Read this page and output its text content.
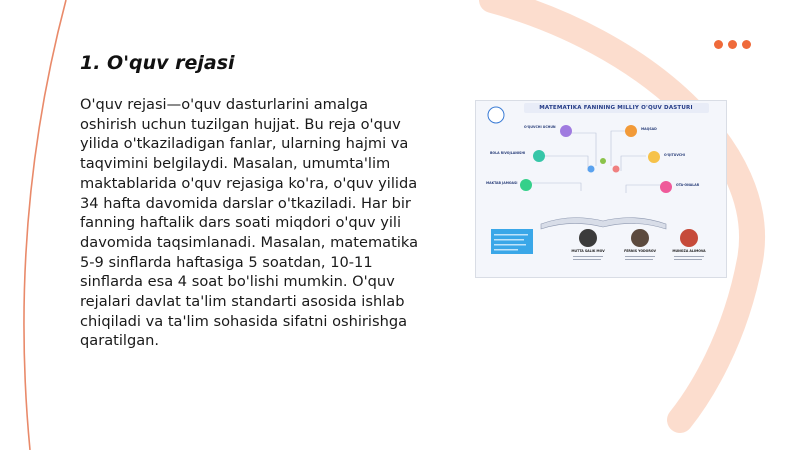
1. O'quv rejasi

O'quv rejasi—o'quv dasturlarini amalga oshirish uchun tuzilgan hujjat. Bu reja o'quv yilida o'tkaziladigan fanlar, ularning hajmi va taqvimini belgilaydi. Masalan, umumta'lim maktablarida o'quv rejasiga ko'ra, o'quv yilida 34 hafta davomida darslar o'tkaziladi. Har bir fanning haftalik dars soati miqdori o'quv yili davomida taqsimlanadi. Masalan, matematika 5-9 sinflarda haftasiga 5 soatdan, 10-11 sinflarda esa 4 soat bo'lishi mumkin. O'quv rejalari davlat ta'lim standarti asosida ishlab chiqiladi va ta'lim sohasida sifatni oshirishga qaratilgan.

MATEMATIKA FANINING MILLIY O'QUV DASTURI
O'QUVCHI UCHUN
BOLA RIVOJLANISHI
MAKTAB JAMOASI
MAQSAD
O'QITUVCHI
OTA-ONALAR
MUTTA SALIK MOV	FERNIS YODOROV	MUNOZA ALIMOVA
